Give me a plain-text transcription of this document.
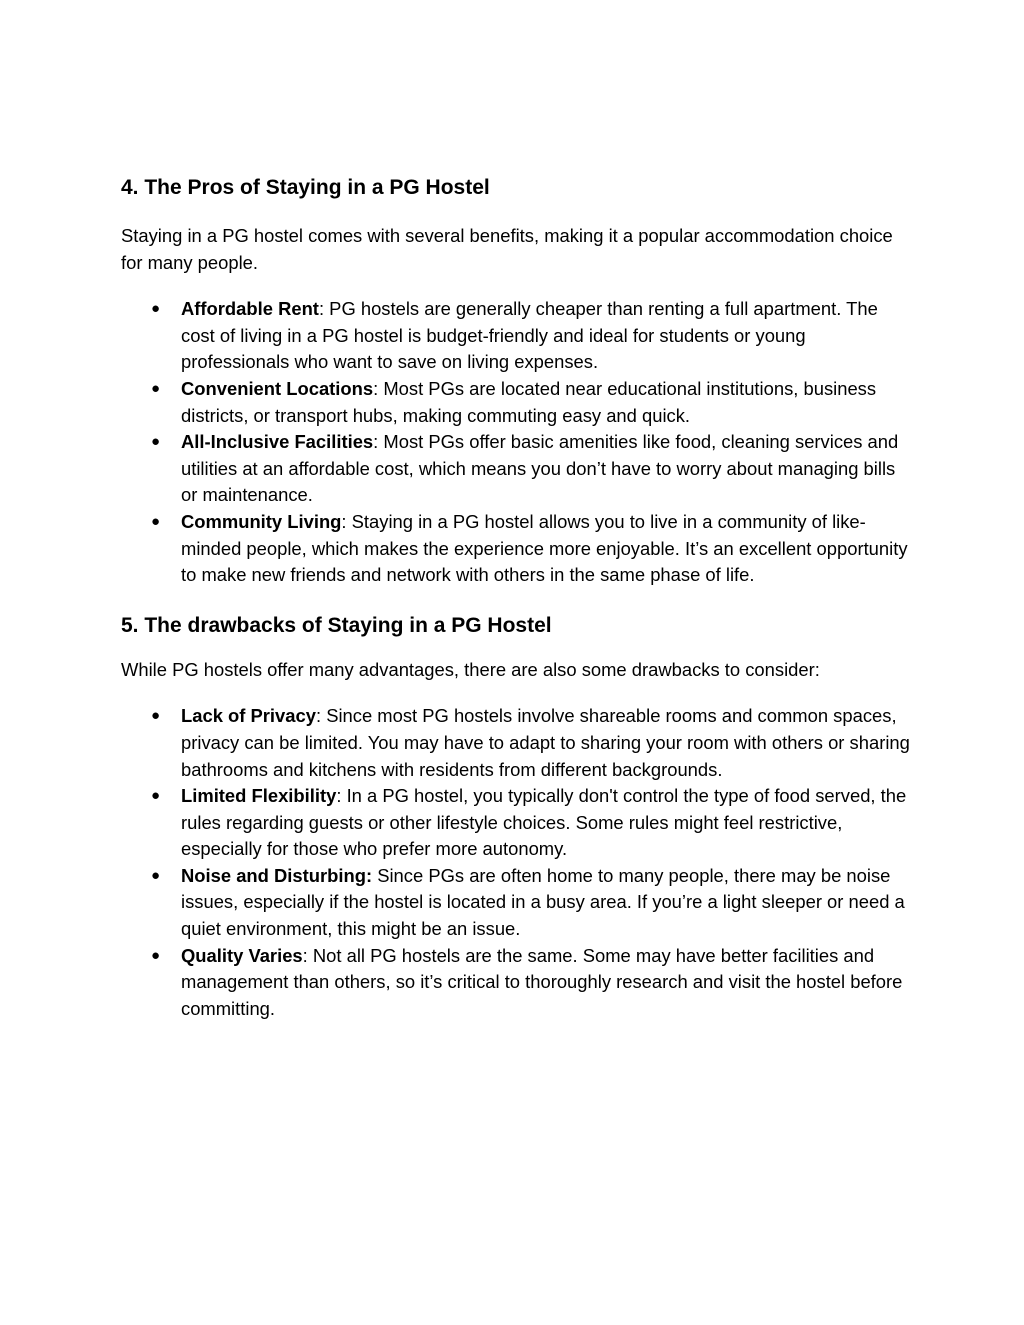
4. The Pros of Staying in a PG Hostel

Staying in a PG hostel comes with several benefits, making it a popular accommodation choice for many people.

● Affordable Rent: PG hostels are generally cheaper than renting a full apartment. The cost of living in a PG hostel is budget-friendly and ideal for students or young professionals who want to save on living expenses.
● Convenient Locations: Most PGs are located near educational institutions, business districts, or transport hubs, making commuting easy and quick.
● All-Inclusive Facilities: Most PGs offer basic amenities like food, cleaning services and utilities at an affordable cost, which means you don’t have to worry about managing bills or maintenance.
● Community Living: Staying in a PG hostel allows you to live in a community of like-minded people, which makes the experience more enjoyable. It’s an excellent opportunity to make new friends and network with others in the same phase of life.
5. The drawbacks of Staying in a PG Hostel

While PG hostels offer many advantages, there are also some drawbacks to consider:

● Lack of Privacy: Since most PG hostels involve shareable rooms and common spaces, privacy can be limited. You may have to adapt to sharing your room with others or sharing bathrooms and kitchens with residents from different backgrounds.
● Limited Flexibility: In a PG hostel, you typically don't control the type of food served, the rules regarding guests or other lifestyle choices. Some rules might feel restrictive, especially for those who prefer more autonomy.
● Noise and Disturbing: Since PGs are often home to many people, there may be noise issues, especially if the hostel is located in a busy area. If you’re a light sleeper or need a quiet environment, this might be an issue.
● Quality Varies: Not all PG hostels are the same. Some may have better facilities and management than others, so it’s critical to thoroughly research and visit the hostel before committing.
